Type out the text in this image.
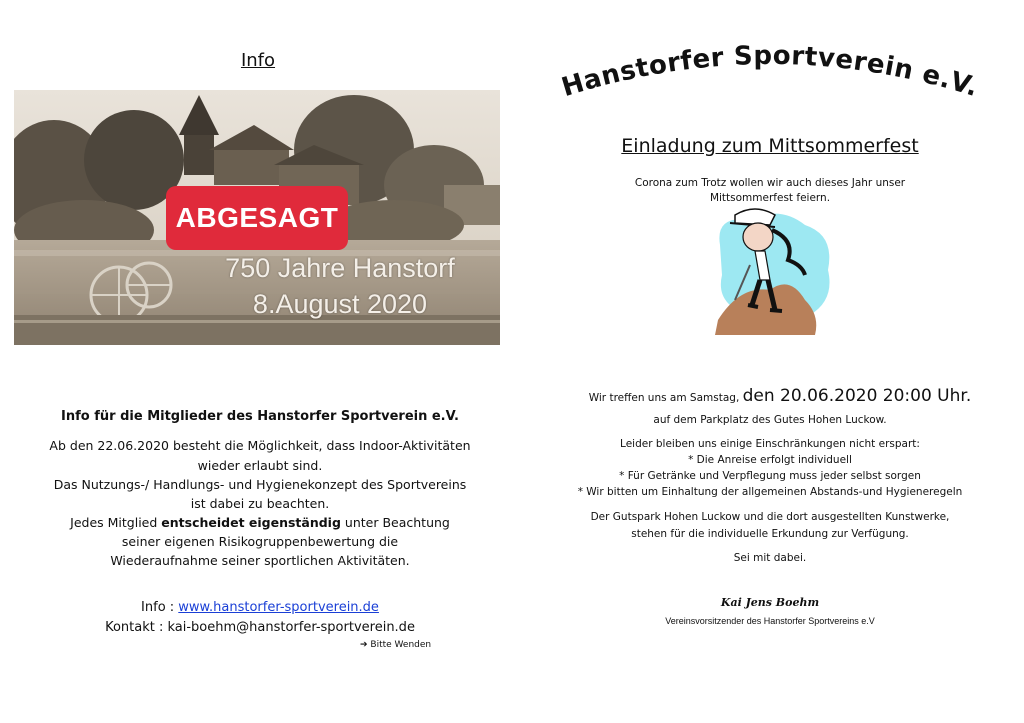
Info
ABGESAGT
750 Jahre Hanstorf
8.August 2020
Info für die Mitglieder des Hanstorfer Sportverein e.V.
Ab den 22.06.2020 besteht die Möglichkeit, dass Indoor-Aktivitäten
wieder erlaubt sind.
Das Nutzungs-/ Handlungs- und Hygienekonzept des Sportvereins
ist dabei zu beachten.
Jedes Mitglied entscheidet eigenständig unter Beachtung
seiner eigenen Risikogruppenbewertung die
Wiederaufnahme seiner sportlichen Aktivitäten.
Info : www.hanstorfer-sportverein.de
Kontakt : kai-boehm@hanstorfer-sportverein.de
➔ Bitte Wenden
Hanstorfer Sportverein e.V.
Einladung zum Mittsommerfest
Corona zum Trotz wollen wir auch dieses Jahr unser
Mittsommerfest feiern.
Wir treffen uns am Samstag, den 20.06.2020 20:00 Uhr.
auf dem Parkplatz des Gutes Hohen Luckow.
Leider bleiben uns einige Einschränkungen nicht erspart:
* Die Anreise erfolgt individuell
* Für Getränke und Verpflegung muss jeder selbst sorgen
* Wir bitten um Einhaltung der allgemeinen Abstands-und Hygieneregeln
Der Gutspark Hohen Luckow und die dort ausgestellten Kunstwerke,
stehen für die individuelle Erkundung zur Verfügung.
Sei mit dabei.
Kai Jens Boehm
Vereinsvorsitzender des Hanstorfer Sportvereins e.V
